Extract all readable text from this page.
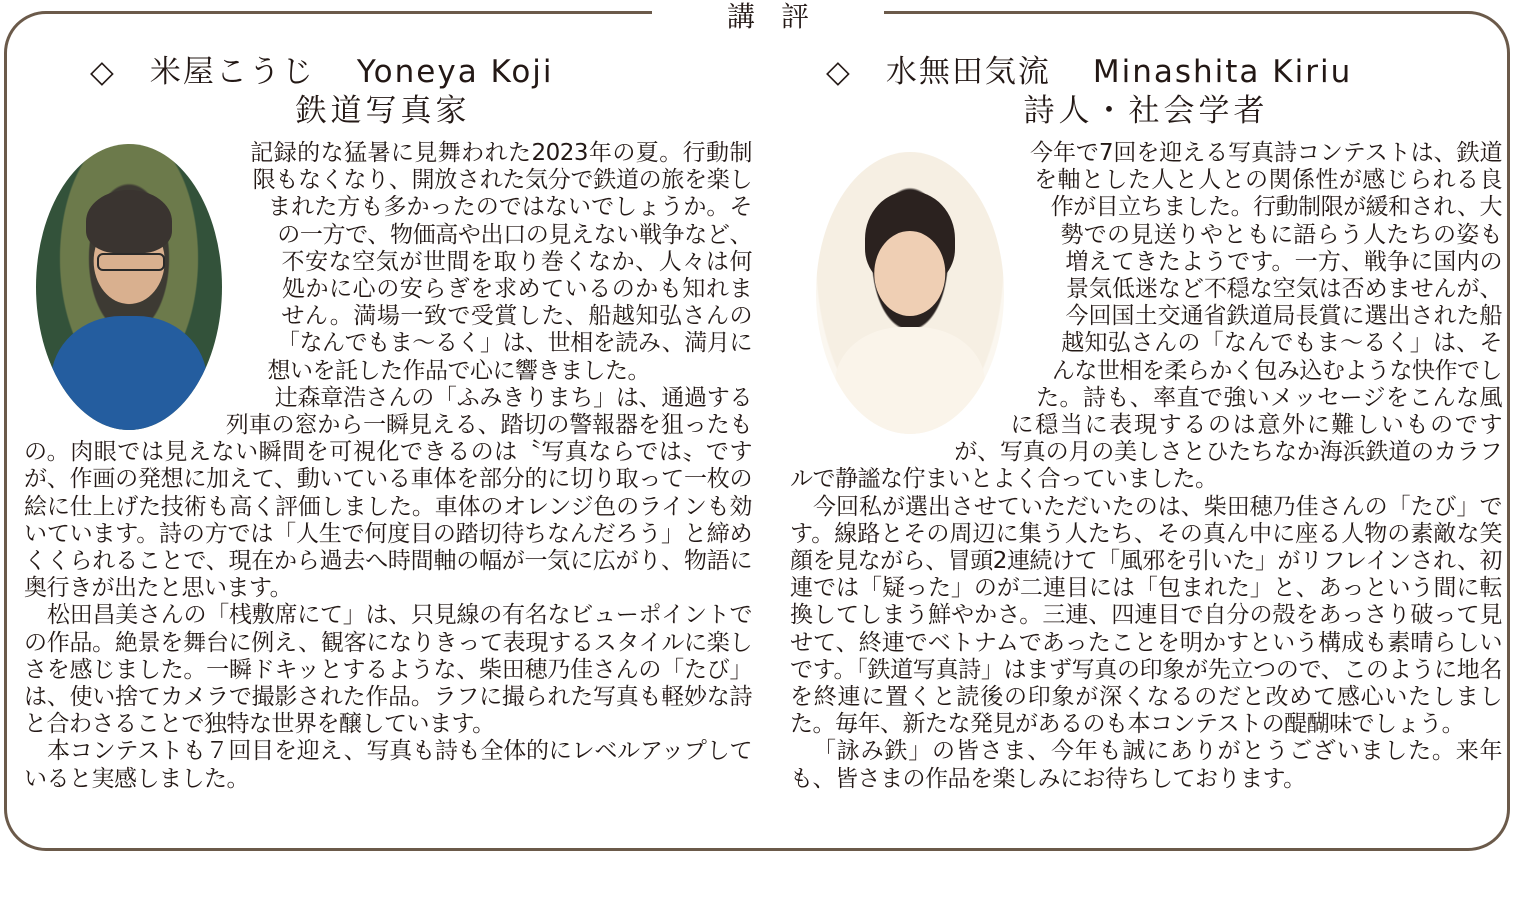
講評
◇ 米屋こうじ Yoneya Koji
鉄道写真家

記録的な猛暑に見舞われた2023年の夏。行動制限もなくなり、開放された気分で鉄道の旅を楽しまれた方も多かったのではないでしょうか。その一方で、物価高や出口の見えない戦争など、不安な空気が世間を取り巻くなか、人々は何処かに心の安らぎを求めているのかも知れません。満場一致で受賞した、船越知弘さんの「なんでもま〜るく」は、世相を読み、満月に想いを託した作品で心に響きました。

辻森章浩さんの「ふみきりまち」は、通過する列車の窓から一瞬見える、踏切の警報器を狙ったもの。肉眼では見えない瞬間を可視化できるのは〝写真ならでは〟ですが、作画の発想に加えて、動いている車体を部分的に切り取って一枚の絵に仕上げた技術も高く評価しました。車体のオレンジ色のラインも効いています。詩の方では「人生で何度目の踏切待ちなんだろう」と締めくくられることで、現在から過去へ時間軸の幅が一気に広がり、物語に奥行きが出たと思います。

松田昌美さんの「桟敷席にて」は、只見線の有名なビューポイントでの作品。絶景を舞台に例え、観客になりきって表現するスタイルに楽しさを感じました。一瞬ドキッとするような、柴田穂乃佳さんの「たび」は、使い捨てカメラで撮影された作品。ラフに撮られた写真も軽妙な詩と合わさることで独特な世界を醸しています。

本コンテストも７回目を迎え、写真も詩も全体的にレベルアップしていると実感しました。

◇ 水無田気流 Minashita Kiriu
詩人・社会学者

今年で7回を迎える写真詩コンテストは、鉄道を軸とした人と人との関係性が感じられる良作が目立ちました。行動制限が緩和され、大勢での見送りやともに語らう人たちの姿も増えてきたようです。一方、戦争に国内の景気低迷など不穏な空気は否めませんが、今回国土交通省鉄道局長賞に選出された船越知弘さんの「なんでもま〜るく」は、そんな世相を柔らかく包み込むような快作でした。詩も、率直で強いメッセージをこんな風に穏当に表現するのは意外に難しいものですが、写真の月の美しさとひたちなか海浜鉄道のカラフルで静謐な佇まいとよく合っていました。

今回私が選出させていただいたのは、柴田穂乃佳さんの「たび」です。線路とその周辺に集う人たち、その真ん中に座る人物の素敵な笑顔を見ながら、冒頭2連続けて「風邪を引いた」がリフレインされ、初連では「疑った」のが二連目には「包まれた」と、あっという間に転換してしまう鮮やかさ。三連、四連目で自分の殻をあっさり破って見せて、終連でベトナムであったことを明かすという構成も素晴らしいです。「鉄道写真詩」はまず写真の印象が先立つので、このように地名を終連に置くと読後の印象が深くなるのだと改めて感心いたしました。毎年、新たな発見があるのも本コンテストの醍醐味でしょう。

「詠み鉄」の皆さま、今年も誠にありがとうございました。来年も、皆さまの作品を楽しみにお待ちしております。
